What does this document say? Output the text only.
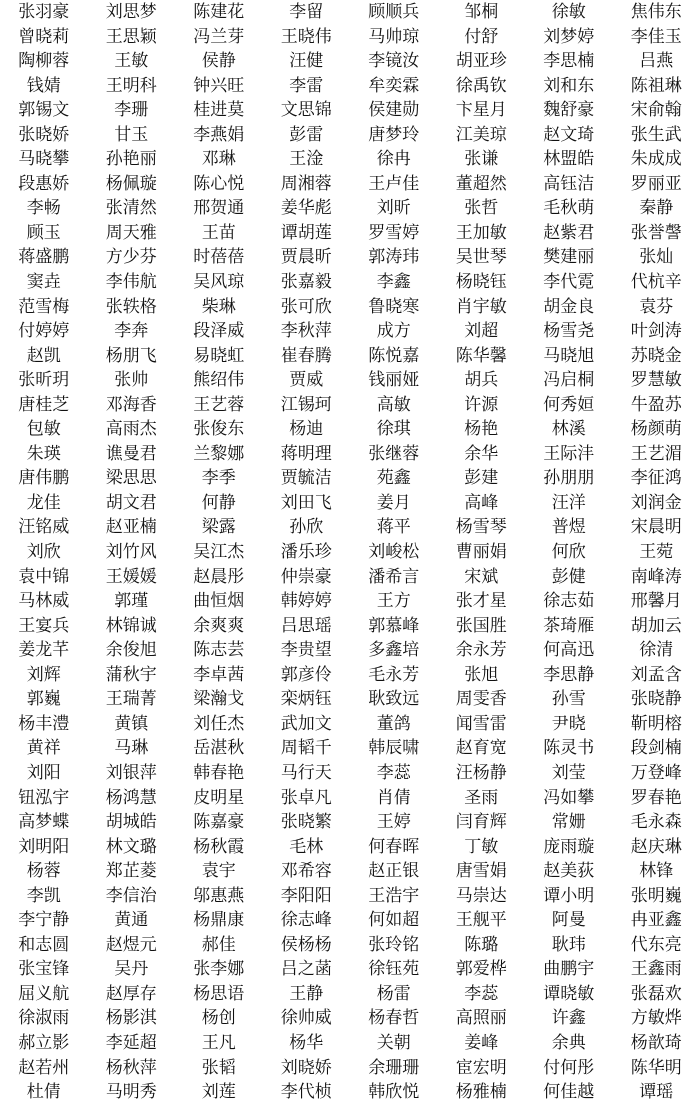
张羽豪	刘思梦	陈建花	李留	顾顺兵	邹桐	徐敏	焦伟东
曾晓莉	王思颖	冯兰芽	王晓伟	马帅琼	付舒	刘梦婷	李佳玉
陶柳蓉	王敏	侯静	汪健	李镜汝	胡亚珍	李思楠	吕燕
钱婧	王明科	钟兴旺	李雷	牟奕霖	徐禹钦	刘和东	陈祖琳
郭锡文	李珊	桂进莫	文思锦	侯建勋	卞星月	魏舒豪	宋俞翰
张晓娇	甘玉	李燕娟	彭雷	唐梦玲	江美琼	赵文琦	张生武
马晓攀	孙艳丽	邓琳	王淦	徐冉	张谦	林盟皓	朱成成
段惠娇	杨佩璇	陈心悦	周湘蓉	王卢佳	董超然	高钰洁	罗丽亚
李畅	张清然	邢贺通	姜华彪	刘昕	张哲	毛秋萌	秦静
顾玉	周天雅	王苗	谭胡莲	罗雪婷	王加敏	赵紫君	张誉謦
蒋盛鹏	方少芬	时蓓蓓	贾晨昕	郭涛玮	吴世琴	樊建丽	张灿
窦垚	李伟航	吴风琼	张嘉毅	李鑫	杨晓钰	李代霓	代杭辛
范雪梅	张轶格	柴琳	张可欣	鲁晓寒	肖宇敏	胡金良	袁芬
付婷婷	李奔	段泽威	李秋萍	成方	刘超	杨雪尧	叶剑涛
赵凯	杨朋飞	易晓虹	崔春腾	陈悦嘉	陈华馨	马晓旭	苏晓金
张昕玥	张帅	熊绍伟	贾威	钱丽娅	胡兵	冯启桐	罗慧敏
唐桂芝	邓海香	王艺蓉	江锡珂	高敏	许源	何秀姮	牛盈苏
包敏	高雨杰	张俊东	杨迪	徐琪	杨艳	林溪	杨颜萌
朱瑛	谯曼君	兰黎娜	蒋明理	张继蓉	余华	王际沣	王艺湄
唐伟鹏	梁思思	李季	贾毓洁	苑鑫	彭建	孙朋朋	李征鸿
龙佳	胡文君	何静	刘田飞	姜月	高峰	汪洋	刘润金
汪铭威	赵亚楠	梁露	孙欣	蒋平	杨雪琴	普煜	宋晨明
刘欣	刘竹风	吴江杰	潘乐珍	刘峻松	曹丽娟	何欣	王菀
袁中锦	王媛媛	赵晨彤	仲崇豪	潘希言	宋斌	彭健	南峰涛
马林威	郭瑾	曲恒烟	韩婷婷	王方	张才星	徐志茹	邢馨月
王宴兵	林锦诚	余爽爽	吕思瑶	郭慕峰	张国胜	茶琦雁	胡加云
姜龙芊	余俊旭	陈志芸	李贵望	多鑫培	余永芳	何高迅	徐清
刘辉	蒲秋宇	李卓茜	郭彦伶	毛永芳	张旭	李思静	刘孟含
郭巍	王瑞菁	梁瀚戈	栾炳钰	耿致远	周雯香	孙雪	张晓静
杨丰澧	黄镇	刘任杰	武加文	董鸽	闻雪雷	尹晓	靳明榕
黄祥	马琳	岳湛秋	周韬千	韩辰啸	赵育宽	陈灵书	段剑楠
刘阳	刘银萍	韩春艳	马行天	李蕊	汪杨静	刘莹	万登峰
钮泓宇	杨鸿慧	皮明星	张卓凡	肖倩	圣雨	冯如攀	罗春艳
高梦蝶	胡城皓	陈嘉豪	张晓繁	王婷	闫育辉	常姗	毛永森
刘明阳	林文璐	杨秋霞	毛林	何春晖	丁敏	庞雨璇	赵庆琳
杨蓉	郑芷菱	袁宇	邓希容	赵正银	唐雪娟	赵美荻	林锋
李凯	李信治	邬惠燕	李阳阳	王浩宇	马崇达	谭小明	张明巍
李宁静	黄通	杨鼎康	徐志峰	何如超	王舰平	阿曼	冉亚鑫
和志圆	赵煜元	郝佳	侯杨杨	张玲铭	陈璐	耿玮	代东亮
张宝锋	吴丹	张李娜	吕之菡	徐钰苑	郭爱桦	曲鹏宇	王鑫雨
屈义航	赵厚存	杨思语	王静	杨雷	李蕊	谭晓敏	张磊欢
徐淑雨	杨影淇	杨创	徐帅威	杨春哲	高照丽	许鑫	方敏烨
郝立影	李延超	王凡	杨华	关朝	姜峰	余典	杨歆琦
赵若州	杨秋萍	张韬	刘晓娇	余珊珊	宦宏明	付何彤	陈华明
杜倩	马明秀	刘莲	李代桢	韩欣悦	杨雅楠	何佳越	谭瑶
